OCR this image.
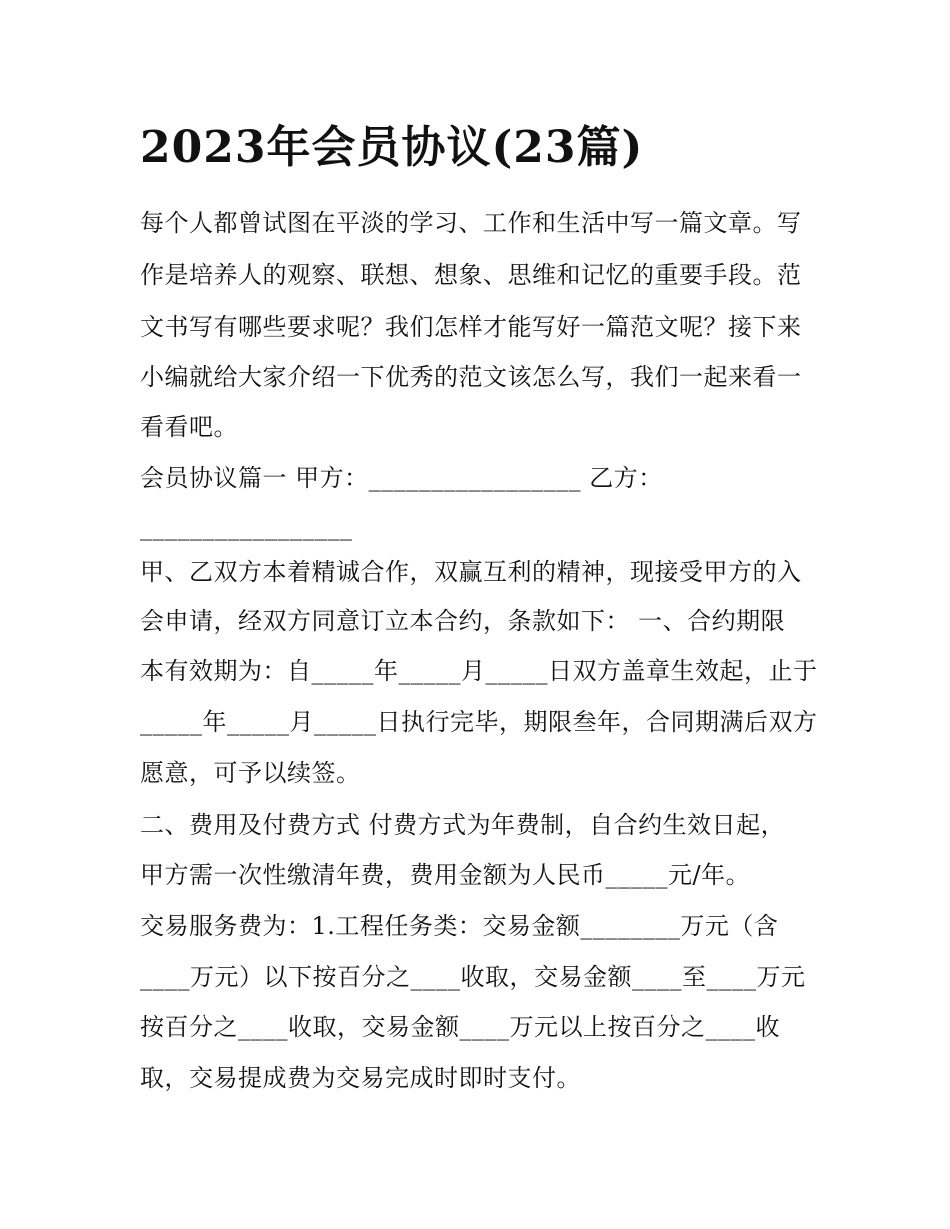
2023年会员协议(23篇)
每个人都曾试图在平淡的学习、工作和生活中写一篇文章。写
作是培养人的观察、联想、想象、思维和记忆的重要手段。范
文书写有哪些要求呢？我们怎样才能写好一篇范文呢？接下来
小编就给大家介绍一下优秀的范文该怎么写，我们一起来看一
看看吧。
会员协议篇一 甲方：_________________ 乙方：
_________________
甲、乙双方本着精诚合作，双赢互利的精神，现接受甲方的入
会申请，经双方同意订立本合约，条款如下： 一、合约期限
本有效期为：自_____年_____月_____日双方盖章生效起，止于
_____年_____月_____日执行完毕，期限叁年，合同期满后双方
愿意，可予以续签。
二、费用及付费方式 付费方式为年费制，自合约生效日起，
甲方需一次性缴清年费，费用金额为人民币_____元/年。
交易服务费为：1.工程任务类：交易金额________万元（含
____万元）以下按百分之____收取，交易金额____至____万元
按百分之____收取，交易金额____万元以上按百分之____收
取，交易提成费为交易完成时即时支付。
